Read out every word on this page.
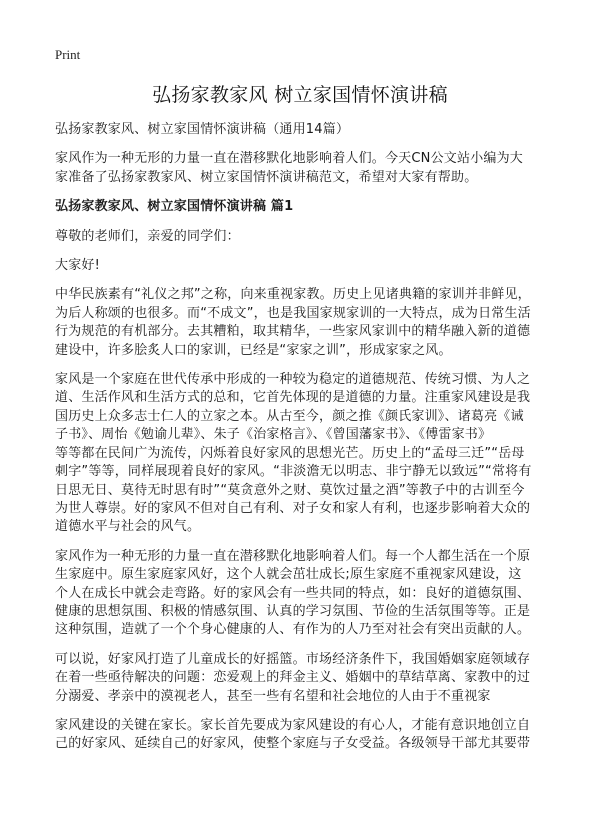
Print
弘扬家教家风 树立家国情怀演讲稿

弘扬家教家风、树立家国情怀演讲稿（通用14篇）

家风作为一种无形的力量一直在潜移默化地影响着人们。今天CN公文站小编为大
家准备了弘扬家教家风、树立家国情怀演讲稿范文，希望对大家有帮助。

弘扬家教家风、树立家国情怀演讲稿 篇1

尊敬的老师们，亲爱的同学们：

大家好!

中华民族素有“礼仪之邦”之称，向来重视家教。历史上见诸典籍的家训并非鲜见，
为后人称颂的也很多。而“不成文”，也是我国家规家训的一大特点，成为日常生活
行为规范的有机部分。去其糟粕，取其精华，一些家风家训中的精华融入新的道德
建设中，许多脍炙人口的家训，已经是“家家之训”，形成家家之风。

家风是一个家庭在世代传承中形成的一种较为稳定的道德规范、传统习惯、为人之
道、生活作风和生活方式的总和，它首先体现的是道德的力量。注重家风建设是我
国历史上众多志士仁人的立家之本。从古至今，颜之推《颜氏家训》、诸葛亮《诫
子书》、周怡《勉谕儿辈》、朱子《治家格言》、《曾国藩家书》、《傅雷家书》
等等都在民间广为流传，闪烁着良好家风的思想光芒。历史上的“孟母三迁”“岳母
刺字”等等，同样展现着良好的家风。“非淡澹无以明志、非宁静无以致远”“常将有
日思无日、莫待无时思有时”“莫贪意外之财、莫饮过量之酒”等教子中的古训至今
为世人尊崇。好的家风不但对自己有利、对子女和家人有利，也逐步影响着大众的
道德水平与社会的风气。

家风作为一种无形的力量一直在潜移默化地影响着人们。每一个人都生活在一个原
生家庭中。原生家庭家风好，这个人就会茁壮成长;原生家庭不重视家风建设，这
个人在成长中就会走弯路。好的家风会有一些共同的特点，如：良好的道德氛围、
健康的思想氛围、积极的情感氛围、认真的学习氛围、节俭的生活氛围等等。正是
这种氛围，造就了一个个身心健康的人、有作为的人乃至对社会有突出贡献的人。

可以说，好家风打造了儿童成长的好摇篮。市场经济条件下，我国婚姻家庭领域存
在着一些亟待解决的问题：恋爱观上的拜金主义、婚姻中的草结草离、家教中的过
分溺爱、孝亲中的漠视老人，甚至一些有名望和社会地位的人由于不重视家

家风建设的关键在家长。家长首先要成为家风建设的有心人，才能有意识地创立自
己的好家风、延续自己的好家风，使整个家庭与子女受益。各级领导干部尤其要带
